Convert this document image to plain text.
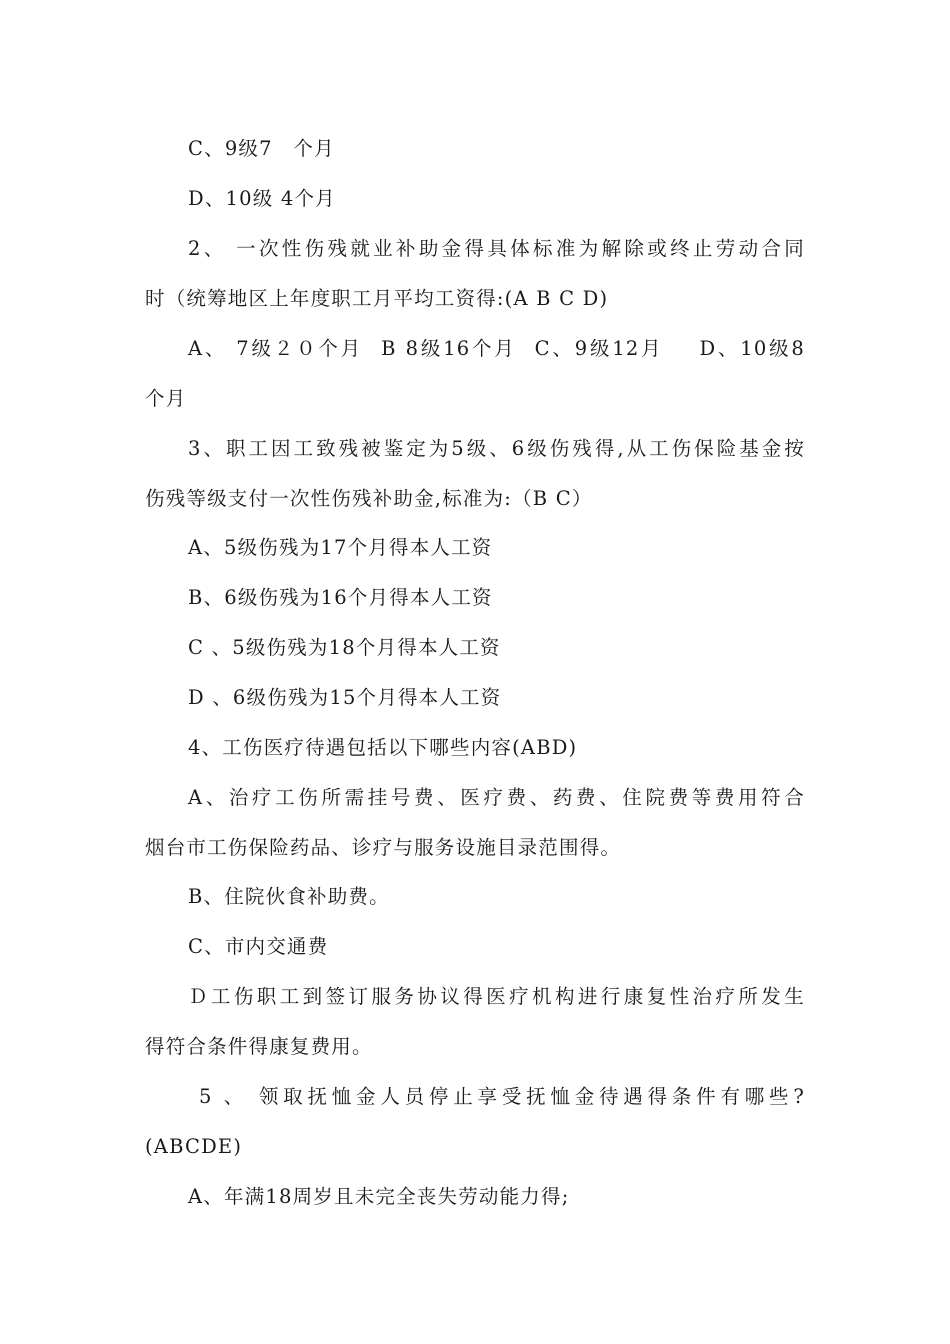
C、9级7　个月
D、10级 4个月
2、 一次性伤残就业补助金得具体标准为解除或终止劳动合同
时（统筹地区上年度职工月平均工资得:(A B C D)
A、 7级２０个月  B 8级16个月  C、9级12月    D、10级8
个月
3、职工因工致残被鉴定为5级、6级伤残得,从工伤保险基金按
伤残等级支付一次性伤残补助金,标准为:（B C）
A、5级伤残为17个月得本人工资
B、6级伤残为16个月得本人工资
C 、5级伤残为18个月得本人工资
D 、6级伤残为15个月得本人工资
4、工伤医疗待遇包括以下哪些内容(ABD)
A、治疗工伤所需挂号费、医疗费、药费、住院费等费用符合
烟台市工伤保险药品、诊疗与服务设施目录范围得。
B、住院伙食补助费。
C、市内交通费
Ｄ工伤职工到签订服务协议得医疗机构进行康复性治疗所发生
得符合条件得康复费用。
5 、 领取抚恤金人员停止享受抚恤金待遇得条件有哪些?
(ABCDE)
A、年满18周岁且未完全丧失劳动能力得;
